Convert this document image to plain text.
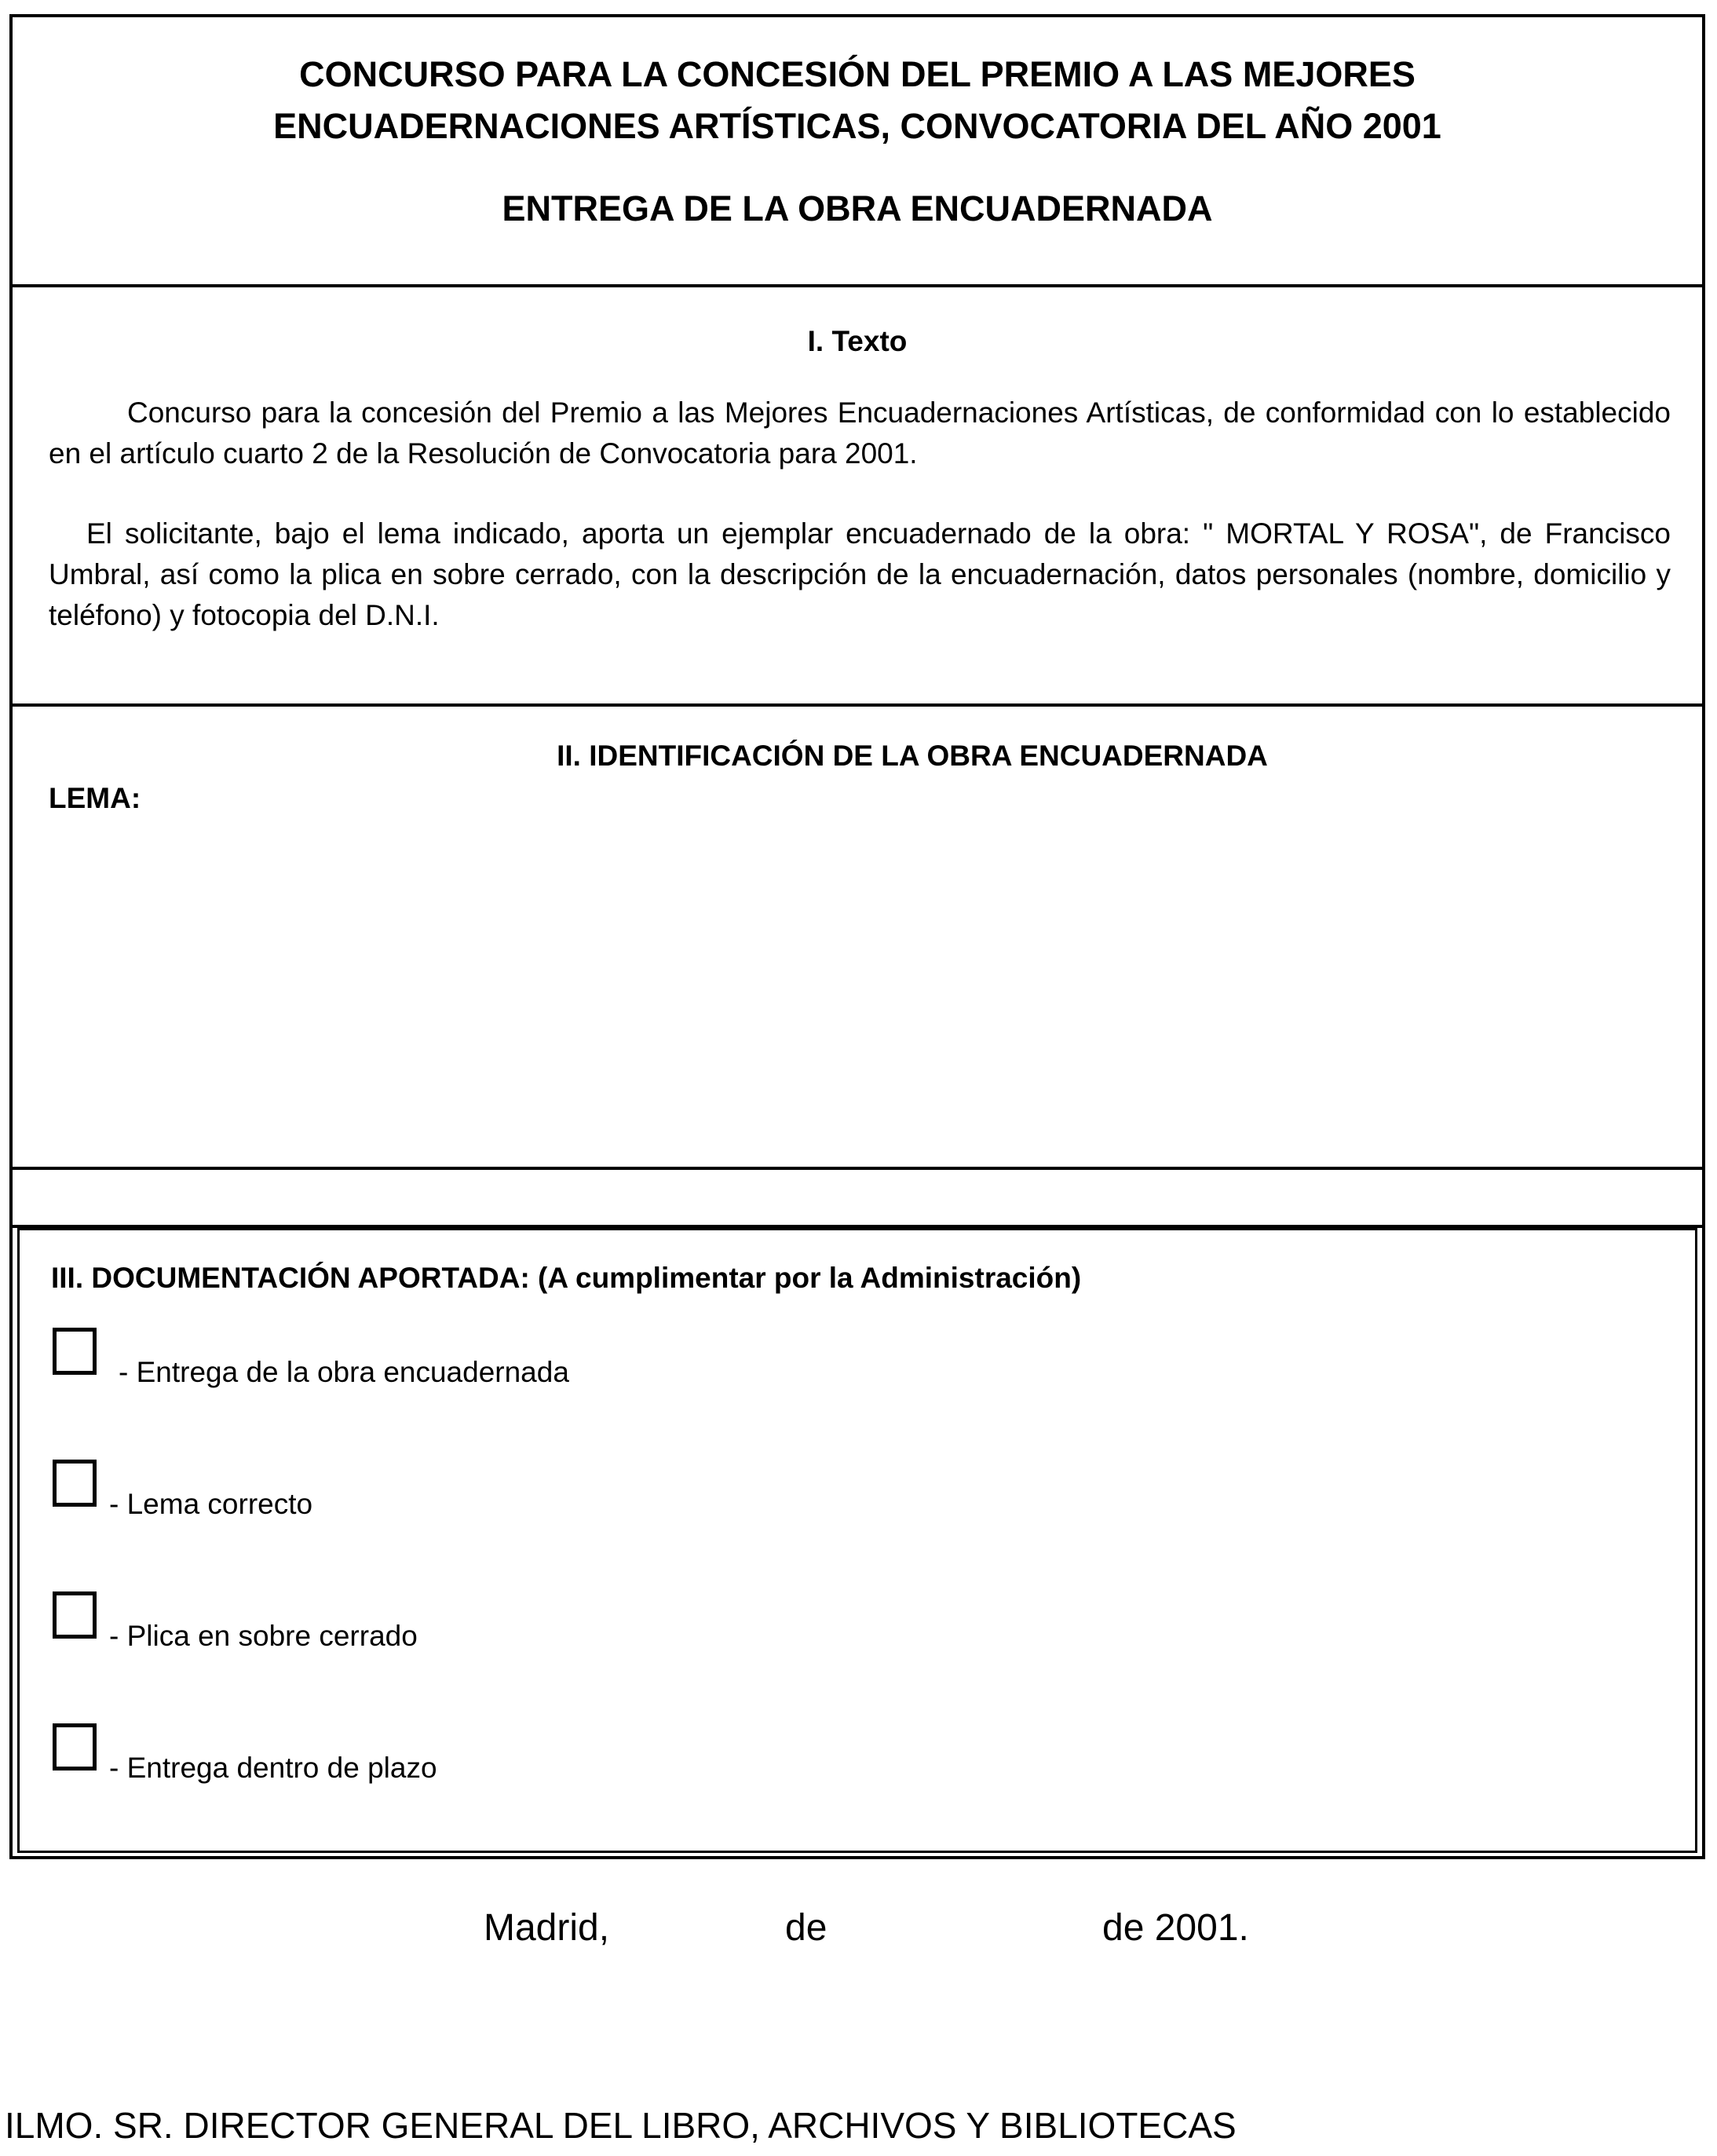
CONCURSO PARA LA CONCESIÓN DEL PREMIO A LAS MEJORES
ENCUADERNACIONES ARTÍSTICAS, CONVOCATORIA DEL AÑO 2001
ENTREGA DE LA OBRA ENCUADERNADA
I. Texto

Concurso para la concesión del Premio a las Mejores Encuadernaciones Artísticas, de conformidad con lo establecido en el artículo cuarto 2 de la Resolución de Convocatoria para 2001.

El solicitante, bajo el lema indicado, aporta un ejemplar encuadernado de la obra: " MORTAL Y ROSA", de Francisco Umbral, así como la plica en sobre cerrado, con la descripción de la encuadernación, datos personales (nombre, domicilio y teléfono) y fotocopia del D.N.I.

II. IDENTIFICACIÓN DE LA OBRA ENCUADERNADA
LEMA:
III. DOCUMENTACIÓN APORTADA: (A cumplimentar por la Administración)
- Entrega de la obra encuadernada
- Lema correcto
- Plica en sobre cerrado
- Entrega dentro de plazo
Madrid,	de	de 2001.
ILMO. SR. DIRECTOR GENERAL DEL LIBRO, ARCHIVOS Y BIBLIOTECAS
